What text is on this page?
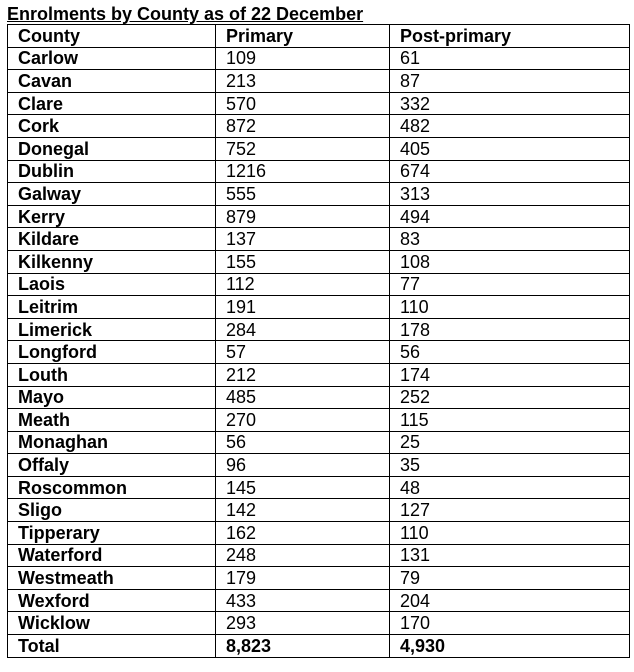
Enrolments by County as of 22 December
County	Primary	Post-primary
Carlow	109	61
Cavan	213	87
Clare	570	332
Cork	872	482
Donegal	752	405
Dublin	1216	674
Galway	555	313
Kerry	879	494
Kildare	137	83
Kilkenny	155	108
Laois	112	77
Leitrim	191	110
Limerick	284	178
Longford	57	56
Louth	212	174
Mayo	485	252
Meath	270	115
Monaghan	56	25
Offaly	96	35
Roscommon	145	48
Sligo	142	127
Tipperary	162	110
Waterford	248	131
Westmeath	179	79
Wexford	433	204
Wicklow	293	170
Total	8,823	4,930
